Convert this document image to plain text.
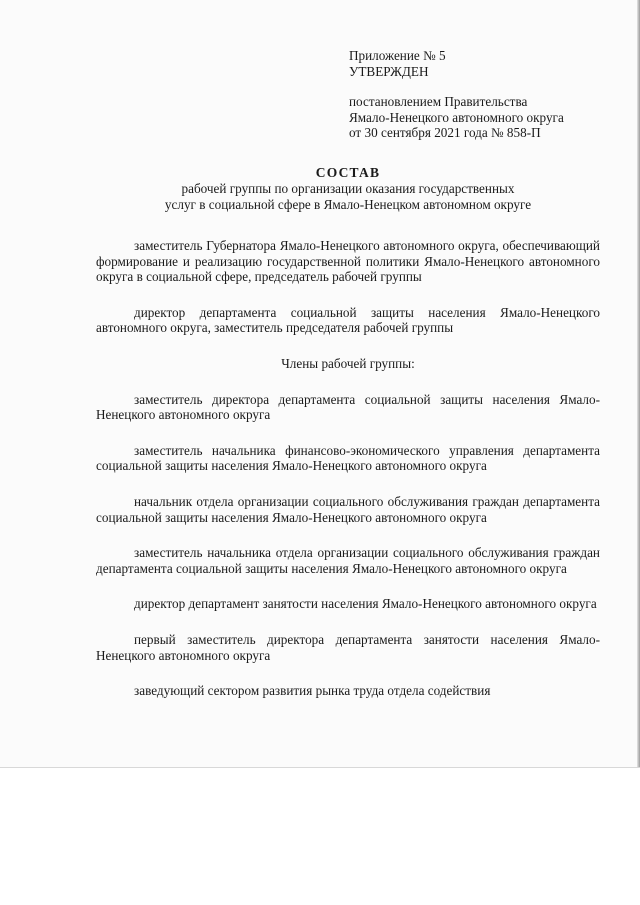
Приложение № 5
УТВЕРЖДЕН
постановлением Правительства
Ямало-Ненецкого автономного округа
от 30 сентября 2021 года № 858-П
СОСТАВ
рабочей группы по организации оказания государственных
услуг в социальной сфере в Ямало-Ненецком автономном округе

заместитель Губернатора Ямало-Ненецкого автономного округа, обеспечивающий формирование и реализацию государственной политики Ямало-Ненецкого автономного округа в социальной сфере, председатель рабочей группы

директор департамента социальной защиты населения Ямало-Ненецкого автономного округа, заместитель председателя рабочей группы

Члены рабочей группы:

заместитель директора департамента социальной защиты населения Ямало-Ненецкого автономного округа

заместитель начальника финансово-экономического управления департамента социальной защиты населения Ямало-Ненецкого автономного округа

начальник отдела организации социального обслуживания граждан департамента социальной защиты населения Ямало-Ненецкого автономного округа

заместитель начальника отдела организации социального обслуживания граждан департамента социальной защиты населения Ямало-Ненецкого автономного округа

директор департамент занятости населения Ямало-Ненецкого автономного округа

первый заместитель директора департамента занятости населения Ямало-Ненецкого автономного округа

заведующий сектором развития рынка труда отдела содействия
